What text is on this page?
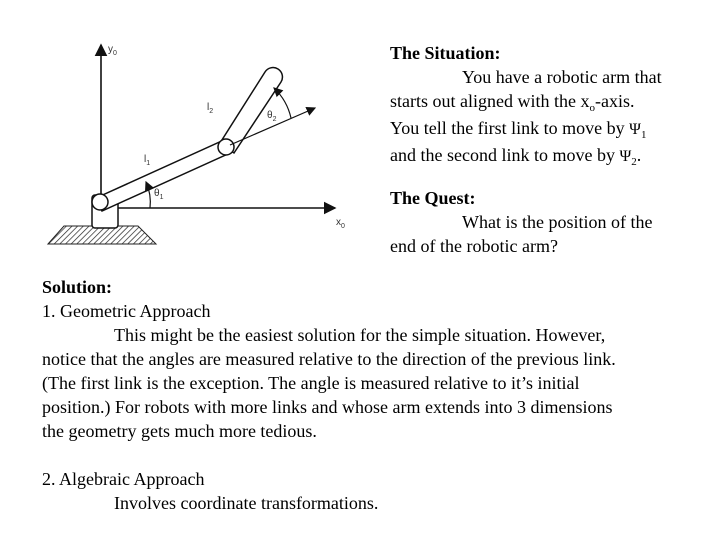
$y_0$
$x_0$
$l_1$
$l_2$
$\theta_1$
$\theta_2$
The Situation:
You have a robotic arm that
starts out aligned with the $x_o$-axis.
You tell the first link to move by $\Psi_1$
and the second link to move by $\Psi_2$.
The Quest:
What is the position of the
end of the robotic arm?
Solution:
1. Geometric Approach
This might be the easiest solution for the simple situation. However,
notice that the angles are measured relative to the direction of the previous link.
(The first link is the exception. The angle is measured relative to it’s initial
position.) For robots with more links and whose arm extends into 3 dimensions
the geometry gets much more tedious.
2. Algebraic Approach
Involves coordinate transformations.
